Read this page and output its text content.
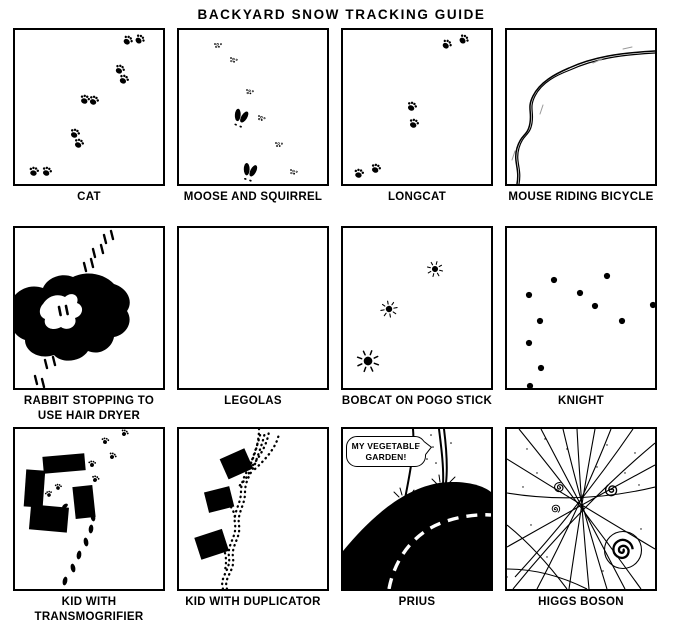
BACKYARD SNOW TRACKING GUIDE
CAT	MOOSE AND SQUIRREL	LONGCAT	MOUSE RIDING BICYCLE
RABBIT STOPPING TO USE HAIR DRYER
LEGOLAS	BOBCAT ON POGO STICK	KNIGHT
KID WITH TRANSMOGRIFIER
KID WITH DUPLICATOR
MY VEGETABLE GARDEN!
PRIUS	HIGGS BOSON
